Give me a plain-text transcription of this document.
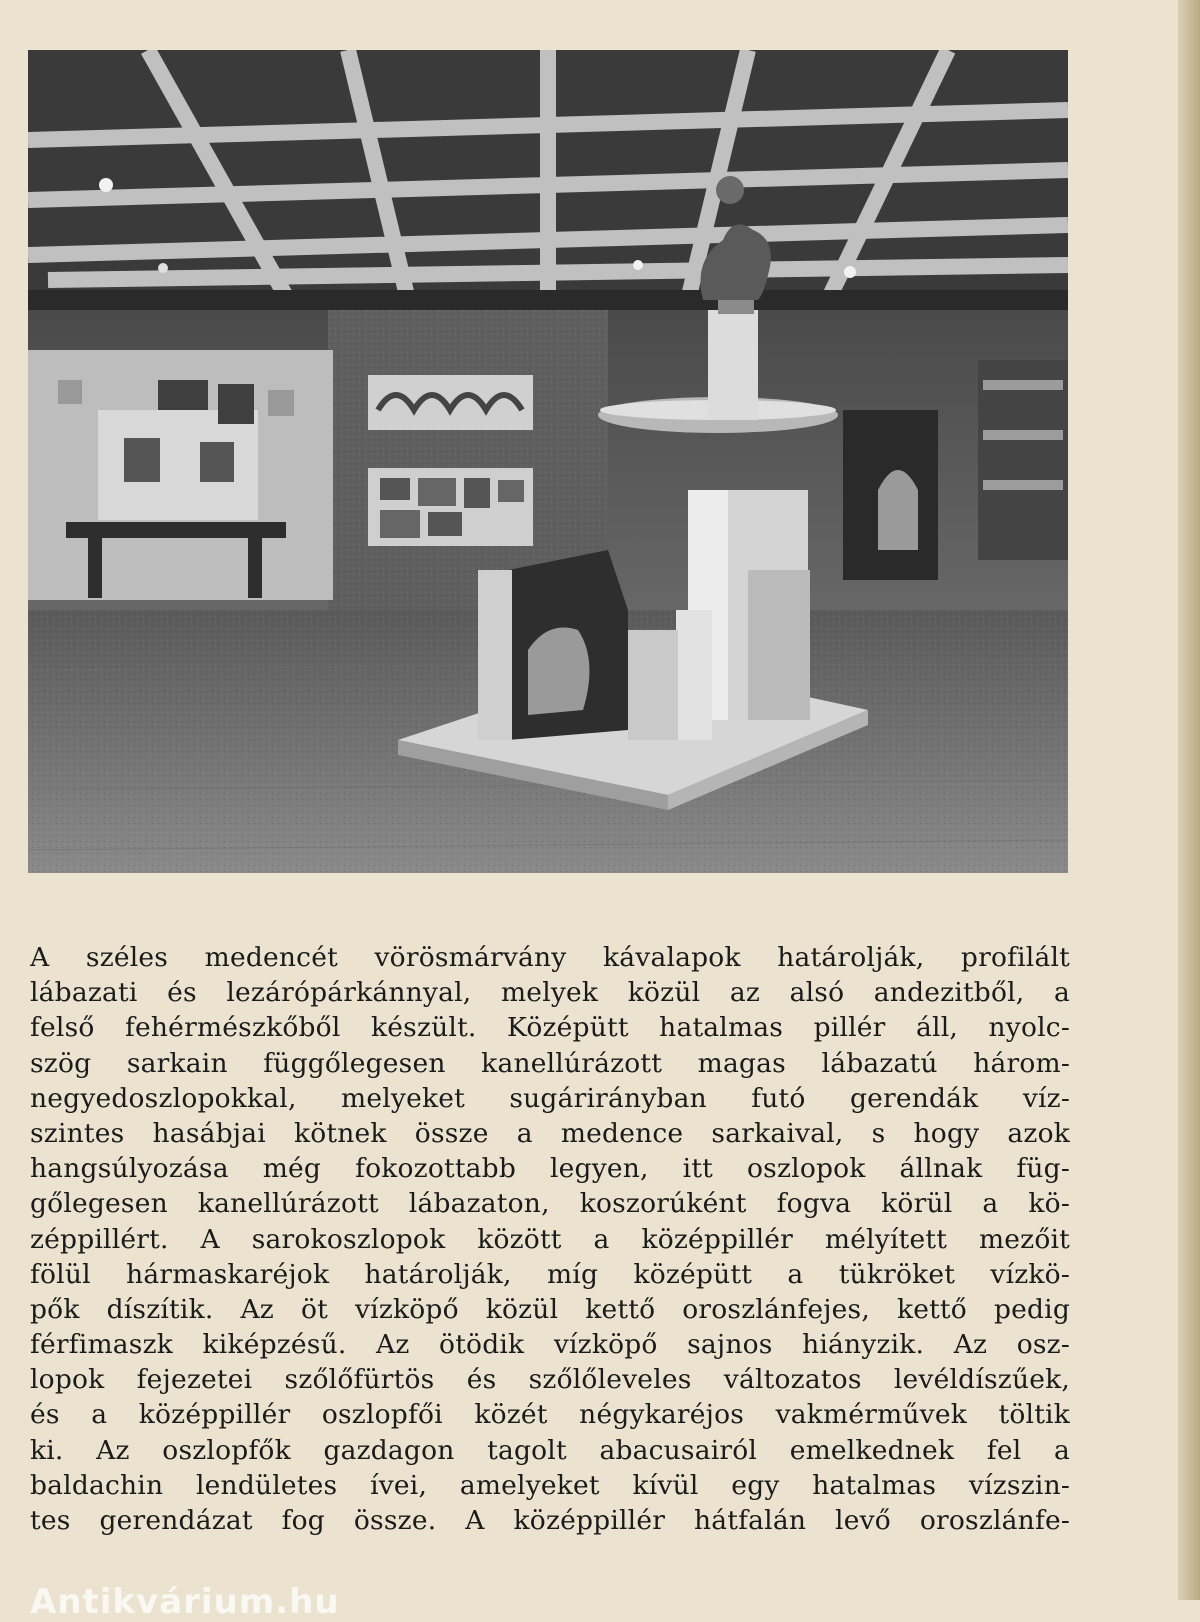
A széles medencét vörösmárvány kávalapok határolják, profilált
lábazati és lezárópárkánnyal, melyek közül az alsó andezitből, a
felső fehérmészkőből készült. Középütt hatalmas pillér áll, nyolc-
szög sarkain függőlegesen kanellúrázott magas lábazatú három-
negyedoszlopokkal, melyeket sugárirányban futó gerendák víz-
szintes hasábjai kötnek össze a medence sarkaival, s hogy azok
hangsúlyozása még fokozottabb legyen, itt oszlopok állnak füg-
gőlegesen kanellúrázott lábazaton, koszorúként fogva körül a kö-
zéppillért. A sarokoszlopok között a középpillér mélyített mezőit
fölül hármaskaréjok határolják, míg középütt a tükröket vízkö-
pők díszítik. Az öt vízköpő közül kettő oroszlánfejes, kettő pedig
férfimaszk kiképzésű. Az ötödik vízköpő sajnos hiányzik. Az osz-
lopok fejezetei szőlőfürtös és szőlőleveles változatos levéldíszűek,
és a középpillér oszlopfői közét négykaréjos vakmérművek töltik
ki. Az oszlopfők gazdagon tagolt abacusairól emelkednek fel a
baldachin lendületes ívei, amelyeket kívül egy hatalmas vízszin-
tes gerendázat fog össze. A középpillér hátfalán levő oroszlánfe-
Antikvárium.hu
